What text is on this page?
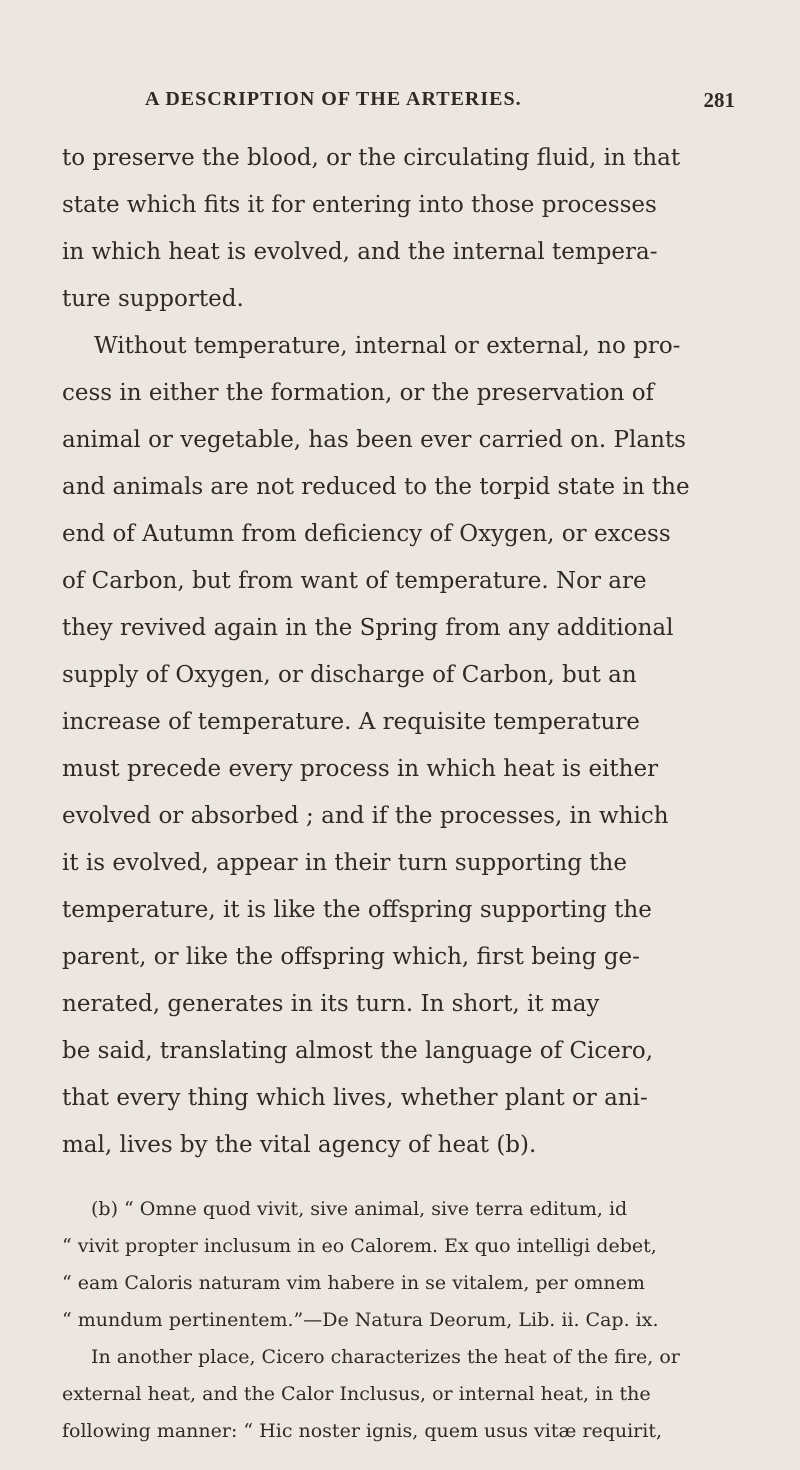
A DESCRIPTION OF THE ARTERIES.	281
to preserve the blood, or the circulating fluid, in that
state which fits it for entering into those processes
in which heat is evolved, and the internal tempera-
ture supported.
Without temperature, internal or external, no pro-
cess in either the formation, or the preservation of
animal or vegetable, has been ever carried on. Plants
and animals are not reduced to the torpid state in the
end of Autumn from deficiency of Oxygen, or excess
of Carbon, but from want of temperature. Nor are
they revived again in the Spring from any additional
supply of Oxygen, or discharge of Carbon, but an
increase of temperature. A requisite temperature
must precede every process in which heat is either
evolved or absorbed ; and if the processes, in which
it is evolved, appear in their turn supporting the
temperature, it is like the offspring supporting the
parent, or like the offspring which, first being ge-
nerated, generates in its turn. In short, it may
be said, translating almost the language of Cicero,
that every thing which lives, whether plant or ani-
mal, lives by the vital agency of heat (b).
(b) “ Omne quod vivit, sive animal, sive terra editum, id
“ vivit propter inclusum in eo Calorem. Ex quo intelligi debet,
“ eam Caloris naturam vim habere in se vitalem, per omnem
“ mundum pertinentem.”—De Natura Deorum, Lib. ii. Cap. ix.
In another place, Cicero characterizes the heat of the fire, or
external heat, and the Calor Inclusus, or internal heat, in the
following manner: “ Hic noster ignis, quem usus vitæ requirit,
